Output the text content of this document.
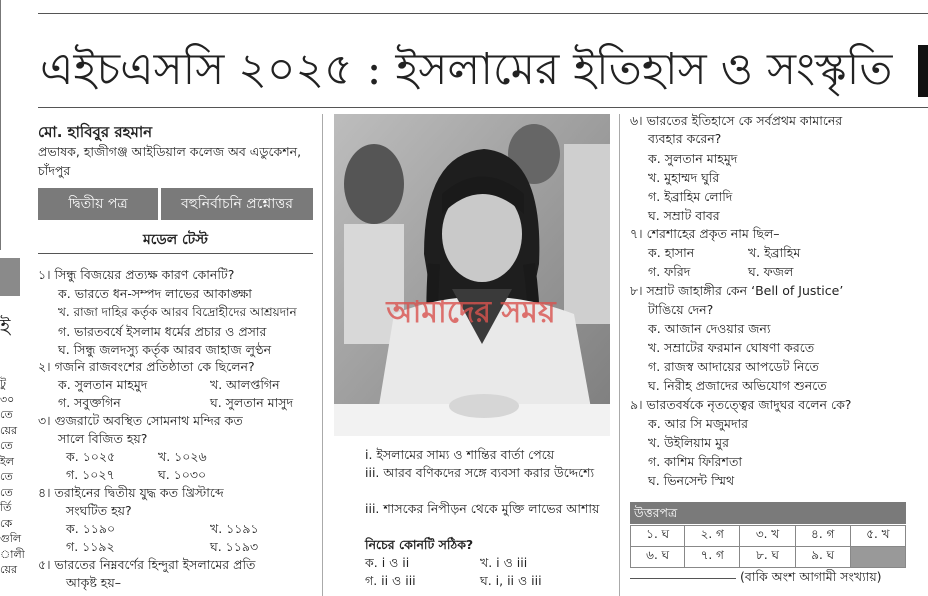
ই
টু
৩০
তে
য়ের
তে
ইল
তে
তে
র্তি
কে
গুলি
ালী
য়ের
এইচএসসি ২০২৫ : ইসলামের ইতিহাস ও সংস্কৃতি
মো. হাবিবুর রহমান
প্রভাষক, হাজীগঞ্জ আইডিয়াল কলেজ অব এডুকেশন, চাঁদপুর
দ্বিতীয় পত্র	বহুনির্বাচনি প্রশ্নোত্তর
মডেল টেস্ট
১। সিন্ধু বিজয়ের প্রত্যক্ষ কারণ কোনটি?
ক. ভারতে ধন-সম্পদ লাভের আকাঙ্ক্ষা
খ. রাজা দাহির কর্তৃক আরব বিদ্রোহীদের আশ্রয়দান
গ. ভারতবর্ষে ইসলাম ধর্মের প্রচার ও প্রসার
ঘ. সিন্ধু জলদস্যু কর্তৃক আরব জাহাজ লুণ্ঠন
২। গজনি রাজবংশের প্রতিষ্ঠাতা কে ছিলেন?
ক. সুলতান মাহমুদ	খ. আলপ্তগিন
গ. সবুক্তগিন	ঘ. সুলতান মাসুদ
৩। গুজরাটে অবস্থিত সোমনাথ মন্দির কত
সালে বিজিত হয়?
ক. ১০২৫	খ. ১০২৬
গ. ১০২৭	ঘ. ১০৩০
৪। তরাইনের দ্বিতীয় যুদ্ধ কত খ্রিস্টাব্দে
সংঘটিত হয়?
ক. ১১৯০	খ. ১১৯১
গ. ১১৯২	ঘ. ১১৯৩
৫। ভারতের নিম্নবর্ণের হিন্দুরা ইসলামের প্রতি
আকৃষ্ট হয়–
আমাদের সময়
i. ইসলামের সাম্য ও শান্তির বার্তা পেয়ে
iii. আরব বণিকদের সঙ্গে ব্যবসা করার উদ্দেশ্যে
iii. শাসকের নিপীড়ন থেকে মুক্তি লাভের আশায়
নিচের কোনটি সঠিক?
ক. i ও ii	খ. i ও iii
গ. ii ও iii	ঘ. i, ii ও iii
৬। ভারতের ইতিহাসে কে সর্বপ্রথম কামানের
ব্যবহার করেন?
ক. সুলতান মাহমুদ
খ. মুহাম্মদ ঘুরি
গ. ইব্রাহিম লোদি
ঘ. সম্রাট বাবর
৭। শেরশাহের প্রকৃত নাম ছিল–
ক. হাসান	খ. ইব্রাহিম
গ. ফরিদ	ঘ. ফজল
৮। সম্রাট জাহাঙ্গীর কেন ‘Bell of Justice’
টাঙিয়ে দেন?
ক. আজান দেওয়ার জন্য
খ. সম্রাটের ফরমান ঘোষণা করতে
গ. রাজস্ব আদায়ের আপডেট নিতে
ঘ. নিরীহ প্রজাদের অভিযোগ শুনতে
৯। ভারতবর্ষকে নৃতত্ত্বের জাদুঘর বলেন কে?
ক. আর সি মজুমদার
খ. উইলিয়াম মুর
গ. কাশিম ফিরিশতা
ঘ. ভিনসেন্ট স্মিথ
উত্তরপত্র
১. ঘ	২. গ	৩. খ	৪. গ	৫. খ
৬. ঘ	৭. গ	৮. ঘ	৯. ঘ	
(বাকি অংশ আগামী সংখ্যায়)
